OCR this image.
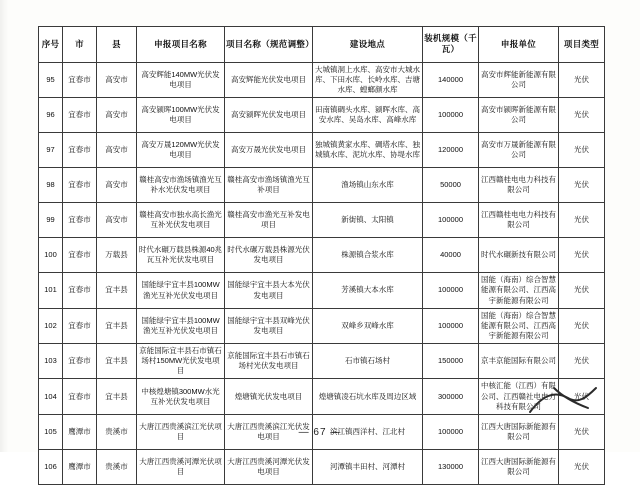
序号	市	县	申报项目名称	项目名称（规范调整）	建设地点	装机规模（千瓦）	申报单位	项目类型
95	宜春市	高安市	高安辉能140MW光伏发电项目	高安辉能光伏发电项目	大城镇洞上水库、高安市大城水库、下田水库、长岭水库、吉塘水库、螳螂颜水库	140000	高安市辉能新能源有限公司	光伏
96	宜春市	高安市	高安颍晖100MW光伏发电项目	高安颍晖光伏发电项目	田南镇碉头水库、颍晖水库、高安水库、吴岛水库、高峰水库	100000	高安市颍晖新能源有限公司	光伏
97	宜春市	高安市	高安万晟120MW光伏发电项目	高安万晟光伏发电项目	独城镇黄家水库、碉塔水库、独城镇水库、泥坑水库、协堤水库	120000	高安市万晟新能源有限公司	光伏
98	宜春市	高安市	赣桂高安市渔场镇渔光互补水光伏发电项目	赣桂高安市渔场镇渔光互补项目	渔场镇山东水库	50000	江西赣桂电电力科技有限公司	光伏
99	宜春市	高安市	赣桂高安市独水高长渔光互补光伏发电项目	赣桂高安市渔光互补发电项目	新街镇、太阳镇	100000	江西赣桂电电力科技有限公司	光伏
100	宜春市	万载县	时代水碾万载县株源40兆瓦互补光伏发电项目	时代水碾万载县株源光伏发电项目	株源镇合浆水库	40000	时代水碾新技有限公司	光伏
101	宜春市	宜丰县	国能绿宇宜丰县100MW渔光互补光伏发电项目	国能绿宇宜丰县大本光伏发电项目	芳溪镇大本水库	100000	国能（海南）综合智慧能源有限公司、江西高宇新能源有限公司	光伏
102	宜春市	宜丰县	国能绿宇宜丰县100MW渔光互补光伏发电项目	国能绿宇宜丰县双峰光伏发电项目	双峰乡双峰水库	100000	国能（海南）综合智慧能源有限公司、江西高宇新能源有限公司	光伏
103	宜春市	宜丰县	京能国际宜丰县石市镇石场村150MW光伏发电项目	京能国际宜丰县石市镇石场村光伏发电项目	石市镇石场村	150000	京丰京能国际有限公司	光伏
104	宜春市	宜丰县	中核煌塘镇300MW水光互补光伏发电项目	煌塘镇光伏发电项目	煌塘镇凌石坑水库及周边区域	300000	中核汇能（江西）有限公司、江西赣社电电力科技有限公司	光伏
105	鹰潭市	贵溪市	大唐江西贵溪滨江光伏项目	大唐江西贵溪滨江光伏发电项目	滨江镇西洋村、江北村	100000	江西大唐国际新能源有限公司	光伏
106	鹰潭市	贵溪市	大唐江西贵溪河潭光伏项目	大唐江西贵溪河潭光伏发电项目	河潭镇丰田村、河潭村	130000	江西大唐国际新能源有限公司	光伏
— 67 —
